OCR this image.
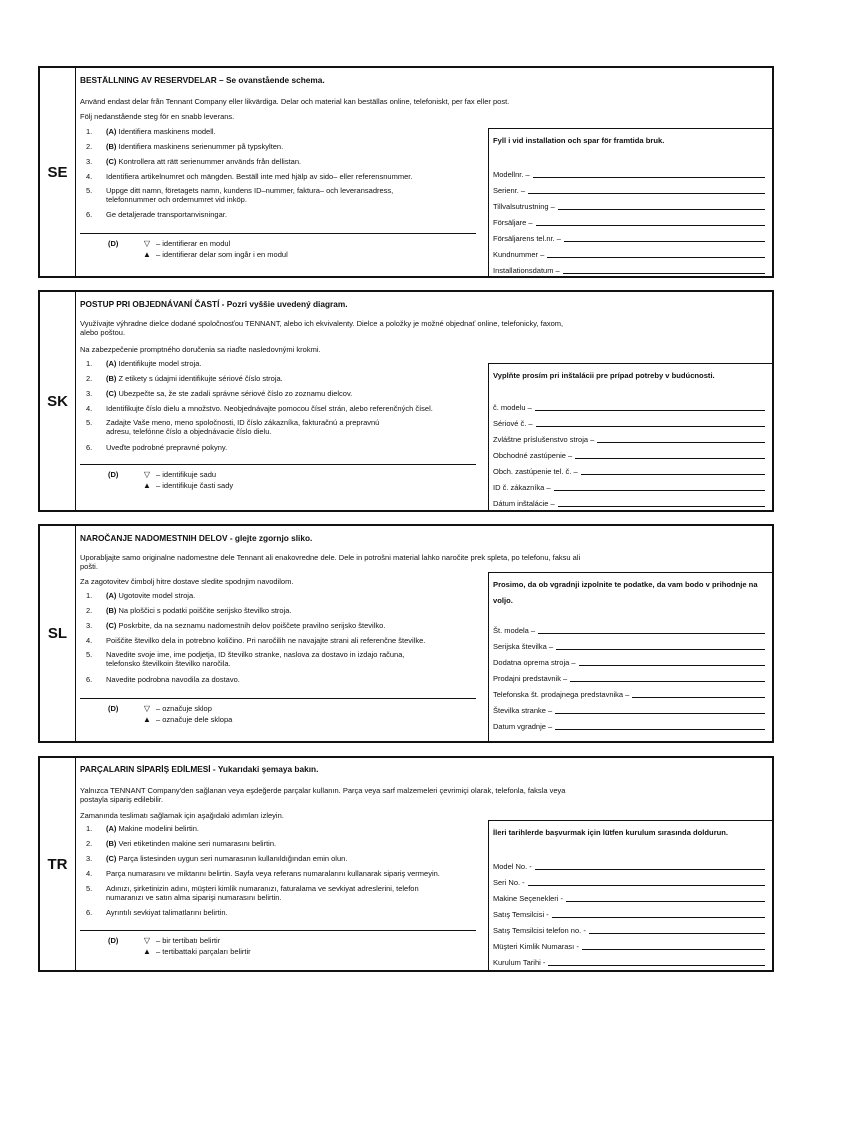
SE
BESTÄLLNING AV RESERVDELAR – Se ovanstående schema.
Använd endast delar från Tennant Company eller likvärdiga. Delar och material kan beställas online, telefoniskt, per fax eller post.
Följ nedanstående steg för en snabb leverans.
1.	(A) Identifiera maskinens modell.
2.	(B) Identifiera maskinens serienummer på typskylten.
3.	(C) Kontrollera att rätt serienummer används från dellistan.
4.	Identifiera artikelnumret och mängden. Beställ inte med hjälp av sido– eller referensnummer.
5.	Uppge ditt namn, företagets namn, kundens ID–nummer, faktura– och leveransadress, telefonnummer och ordernumret vid inköp.
6.	Ge detaljerade transportanvisningar.
(D)	▽ – identifierar en modul
▲ – identifierar delar som ingår i en modul
Fyll i vid installation och spar för framtida bruk.
Modellnr. –
Serienr. –
Tillvalsutrustning –
Försäljare –
Försäljarens tel.nr. –
Kundnummer –
Installationsdatum –
SK
POSTUP PRI OBJEDNÁVANÍ ČASTÍ - Pozri vyššie uvedený diagram.
Využívajte výhradne dielce dodané spoločnosťou TENNANT, alebo ich ekvivalenty. Dielce a položky je možné objednať online, telefonicky, faxom, alebo poštou.
Na zabezpečenie promptného doručenia sa riaďte nasledovnými krokmi.
1.	(A) Identifikujte model stroja.
2.	(B) Z etikety s údajmi identifikujte sériové číslo stroja.
3.	(C) Ubezpečte sa, že ste zadali správne sériové číslo zo zoznamu dielcov.
4.	Identifikujte číslo dielu a množstvo. Neobjednávajte pomocou čísel strán, alebo referenčných čísel.
5.	Zadajte Vaše meno, meno spoločnosti, ID číslo zákazníka, fakturačnú a prepravnú adresu, telefónne číslo a objednávacie číslo dielu.
6.	Uveďte podrobné prepravné pokyny.
(D)	▽ – identifikuje sadu
▲ – identifikuje časti sady
Vyplňte prosím pri inštalácii pre prípad potreby v budúcnosti.
č. modelu –
Sériové č. –
Zvláštne príslušenstvo stroja –
Obchodné zastúpenie –
Obch. zastúpenie tel. č. –
ID č. zákazníka –
Dátum inštalácie –
SL
NAROČANJE NADOMESTNIH DELOV - glejte zgornjo sliko.
Uporabljajte samo originalne nadomestne dele Tennant ali enakovredne dele. Dele in potrošni material lahko naročite prek spleta, po telefonu, faksu ali pošti.
Za zagotovitev čimbolj hitre dostave sledite spodnjim navodilom.
1.	(A) Ugotovite model stroja.
2.	(B) Na ploščici s podatki poiščite serijsko številko stroja.
3.	(C) Poskrbite, da na seznamu nadomestnih delov poiščete pravilno serijsko številko.
4.	Poiščite številko dela in potrebno količino. Pri naročilih ne navajajte strani ali referenčne številke.
5.	Navedite svoje ime, ime podjetja, ID številko stranke, naslova za dostavo in izdajo računa, telefonsko številkoin številko naročila.
6.	Navedite podrobna navodila za dostavo.
(D)	▽ – označuje sklop
▲ – označuje dele sklopa
Prosimo, da ob vgradnji izpolnite te podatke, da vam bodo v prihodnje na voljo.
Št. modela –
Serijska številka –
Dodatna oprema stroja –
Prodajni predstavnik –
Telefonska št. prodajnega predstavnika –
Številka stranke –
Datum vgradnje –
TR
PARÇALARIN SİPARİŞ EDİLMESİ - Yukarıdaki şemaya bakın.
Yalnızca TENNANT Company'den sağlanan veya eşdeğerde parçalar kullanın. Parça veya sarf malzemeleri çevrimiçi olarak, telefonla, faksla veya postayla sipariş edilebilir.
Zamanında teslimatı sağlamak için aşağıdaki adımları izleyin.
1.	(A) Makine modelini belirtin.
2.	(B) Veri etiketinden makine seri numarasını belirtin.
3.	(C) Parça listesinden uygun seri numarasının kullanıldığından emin olun.
4.	Parça numarasını ve miktarını belirtin. Sayfa veya referans numaralarını kullanarak sipariş vermeyin.
5.	Adınızı, şirketinizin adını, müşteri kimlik numaranızı, faturalama ve sevkiyat adreslerini, telefon numaranızı ve satın alma siparişi numarasını belirtin.
6.	Ayrıntılı sevkiyat talimatlarını belirtin.
(D)	▽ – bir tertibatı belirtir
▲ – tertibattaki parçaları belirtir
İleri tarihlerde başvurmak için lütfen kurulum sırasında doldurun.
Model No. -
Seri No. -
Makine Seçenekleri -
Satış Temsilcisi -
Satış Temsilcisi telefon no. -
Müşteri Kimlik Numarası -
Kurulum Tarihi -
